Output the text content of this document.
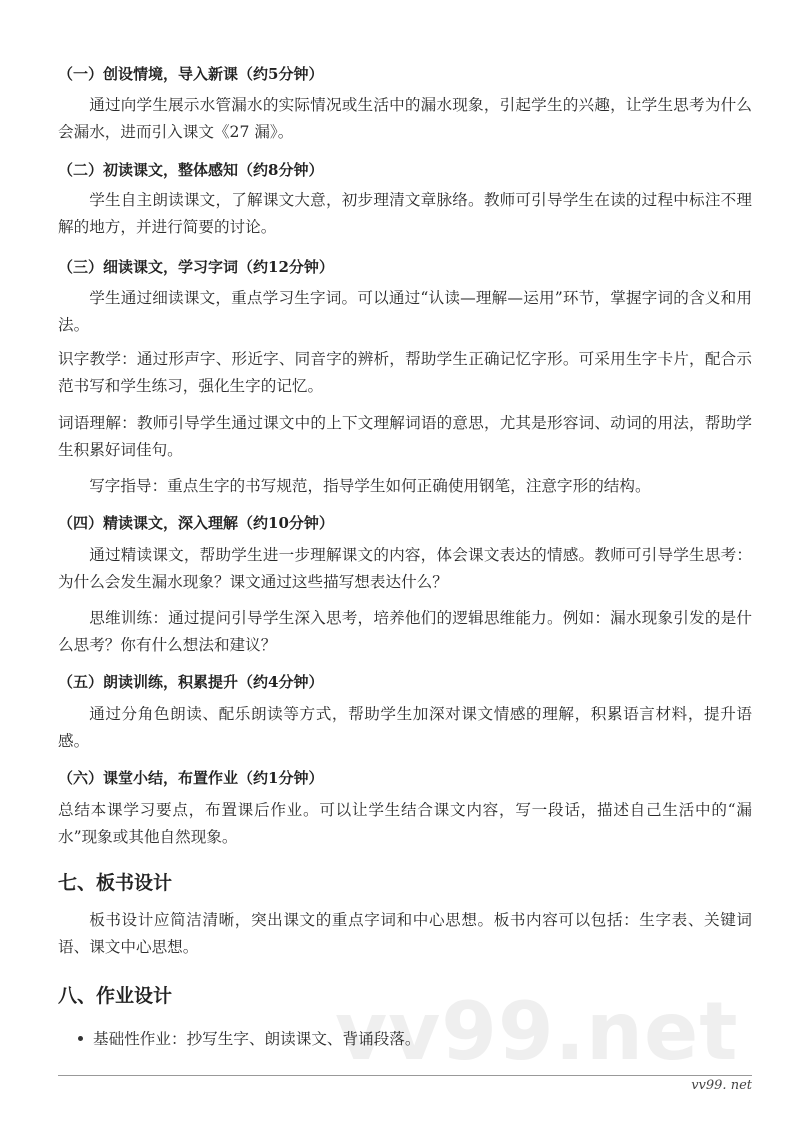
vv99.net
（一）创设情境，导入新课（约5分钟）
通过向学生展示水管漏水的实际情况或生活中的漏水现象，引起学生的兴趣，让学生思考为什么会漏水，进而引入课文《27 漏》。
（二）初读课文，整体感知（约8分钟）
学生自主朗读课文，了解课文大意，初步理清文章脉络。教师可引导学生在读的过程中标注不理解的地方，并进行简要的讨论。
（三）细读课文，学习字词（约12分钟）
学生通过细读课文，重点学习生字词。可以通过“认读—理解—运用”环节，掌握字词的含义和用法。
识字教学：通过形声字、形近字、同音字的辨析，帮助学生正确记忆字形。可采用生字卡片，配合示范书写和学生练习，强化生字的记忆。
词语理解：教师引导学生通过课文中的上下文理解词语的意思，尤其是形容词、动词的用法，帮助学生积累好词佳句。
写字指导：重点生字的书写规范，指导学生如何正确使用钢笔，注意字形的结构。
（四）精读课文，深入理解（约10分钟）
通过精读课文，帮助学生进一步理解课文的内容，体会课文表达的情感。教师可引导学生思考：为什么会发生漏水现象？课文通过这些描写想表达什么？
思维训练：通过提问引导学生深入思考，培养他们的逻辑思维能力。例如：漏水现象引发的是什么思考？你有什么想法和建议？
（五）朗读训练，积累提升（约4分钟）
通过分角色朗读、配乐朗读等方式，帮助学生加深对课文情感的理解，积累语言材料，提升语感。
（六）课堂小结，布置作业（约1分钟）
总结本课学习要点，布置课后作业。可以让学生结合课文内容，写一段话，描述自己生活中的“漏水”现象或其他自然现象。
七、板书设计
板书设计应简洁清晰，突出课文的重点字词和中心思想。板书内容可以包括：生字表、关键词语、课文中心思想。
八、作业设计
基础性作业：抄写生字、朗读课文、背诵段落。
vv99. net
